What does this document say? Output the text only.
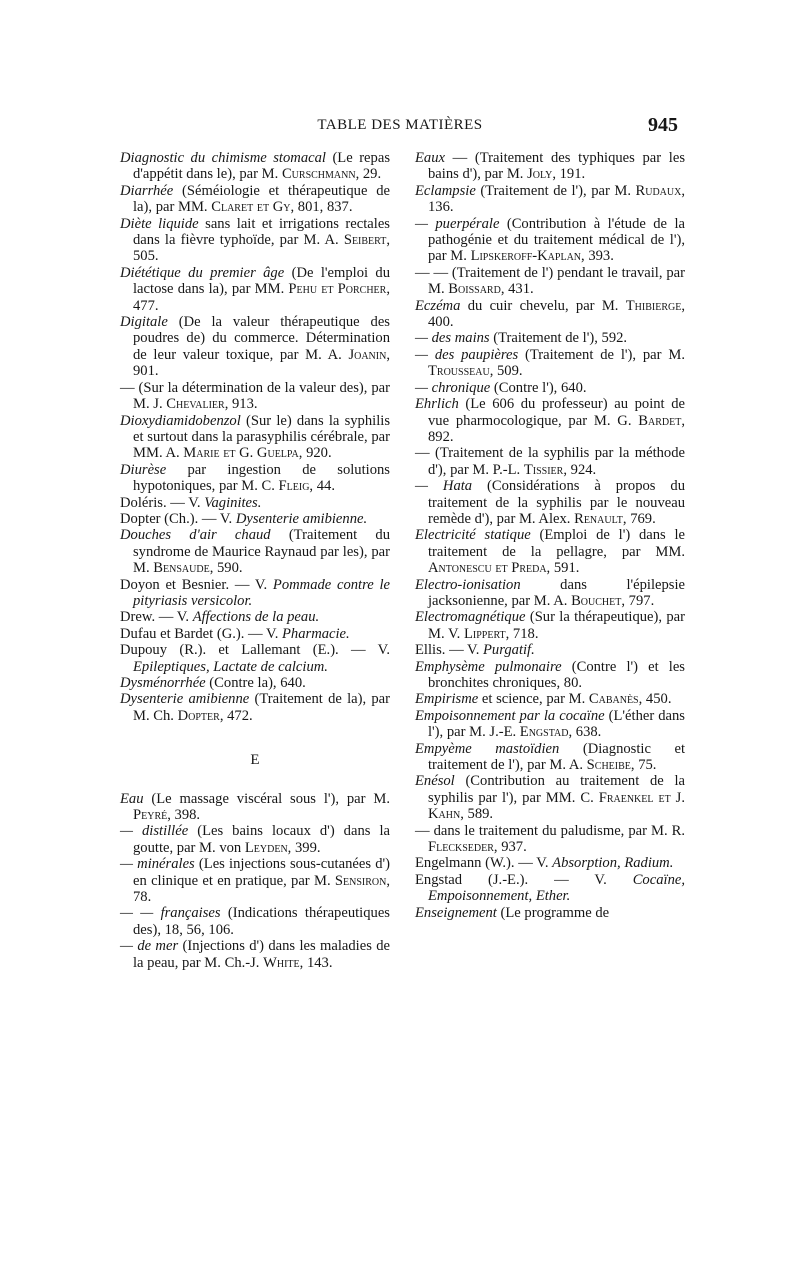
TABLE DES MATIÈRES	945

Diagnostic du chimisme stomacal (Le repas d'appétit dans le), par M. Curschmann, 29.

Diarrhée (Séméiologie et thérapeutique de la), par MM. Claret et Gy, 801, 837.

Diète liquide sans lait et irrigations rectales dans la fièvre typhoïde, par M. A. Seibert, 505.

Diététique du premier âge (De l'emploi du lactose dans la), par MM. Pehu et Porcher, 477.

Digitale (De la valeur thérapeutique des poudres de) du commerce. Détermination de leur valeur toxique, par M. A. Joanin, 901.

— (Sur la détermination de la valeur des), par M. J. Chevalier, 913.

Dioxydiamidobenzol (Sur le) dans la syphilis et surtout dans la parasyphilis cérébrale, par MM. A. Marie et G. Guelpa, 920.

Diurèse par ingestion de solutions hypotoniques, par M. C. Fleig, 44.

Doléris. — V. Vaginites.

Dopter (Ch.). — V. Dysenterie amibienne.

Douches d'air chaud (Traitement du syndrome de Maurice Raynaud par les), par M. Bensaude, 590.

Doyon et Besnier. — V. Pommade contre le pityriasis versicolor.

Drew. — V. Affections de la peau.

Dufau et Bardet (G.). — V. Pharmacie.

Dupouy (R.). et Lallemant (E.). — V. Epileptiques, Lactate de calcium.

Dysménorrhée (Contre la), 640.

Dysenterie amibienne (Traitement de la), par M. Ch. Dopter, 472.

E

Eau (Le massage viscéral sous l'), par M. Peyré, 398.

— distillée (Les bains locaux d') dans la goutte, par M. von Leyden, 399.

— minérales (Les injections sous-cutanées d') en clinique et en pratique, par M. Sensiron, 78.

— — françaises (Indications thérapeutiques des), 18, 56, 106.

— de mer (Injections d') dans les maladies de la peau, par M. Ch.-J. White, 143.

Eaux — (Traitement des typhiques par les bains d'), par M. Joly, 191.

Eclampsie (Traitement de l'), par M. Rudaux, 136.

— puerpérale (Contribution à l'étude de la pathogénie et du traitement médical de l'), par M. Lipskeroff-Kaplan, 393.

— — (Traitement de l') pendant le travail, par M. Boissard, 431.

Eczéma du cuir chevelu, par M. Thibierge, 400.

— des mains (Traitement de l'), 592.

— des paupières (Traitement de l'), par M. Trousseau, 509.

— chronique (Contre l'), 640.

Ehrlich (Le 606 du professeur) au point de vue pharmocologique, par M. G. Bardet, 892.

— (Traitement de la syphilis par la méthode d'), par M. P.-L. Tissier, 924.

— Hata (Considérations à propos du traitement de la syphilis par le nouveau remède d'), par M. Alex. Renault, 769.

Electricité statique (Emploi de l') dans le traitement de la pellagre, par MM. Antonescu et Preda, 591.

Electro-ionisation dans l'épilepsie jacksonienne, par M. A. Bouchet, 797.

Electromagnétique (Sur la thérapeutique), par M. V. Lippert, 718.

Ellis. — V. Purgatif.

Emphysème pulmonaire (Contre l') et les bronchites chroniques, 80.

Empirisme et science, par M. Cabanès, 450.

Empoisonnement par la cocaïne (L'éther dans l'), par M. J.-E. Engstad, 638.

Empyème mastoïdien (Diagnostic et traitement de l'), par M. A. Scheibe, 75.

Enésol (Contribution au traitement de la syphilis par l'), par MM. C. Fraenkel et J. Kahn, 589.

— dans le traitement du paludisme, par M. R. Fleckseder, 937.

Engelmann (W.). — V. Absorption, Radium.

Engstad (J.-E.). — V. Cocaïne, Empoisonnement, Ether.

Enseignement (Le programme de
